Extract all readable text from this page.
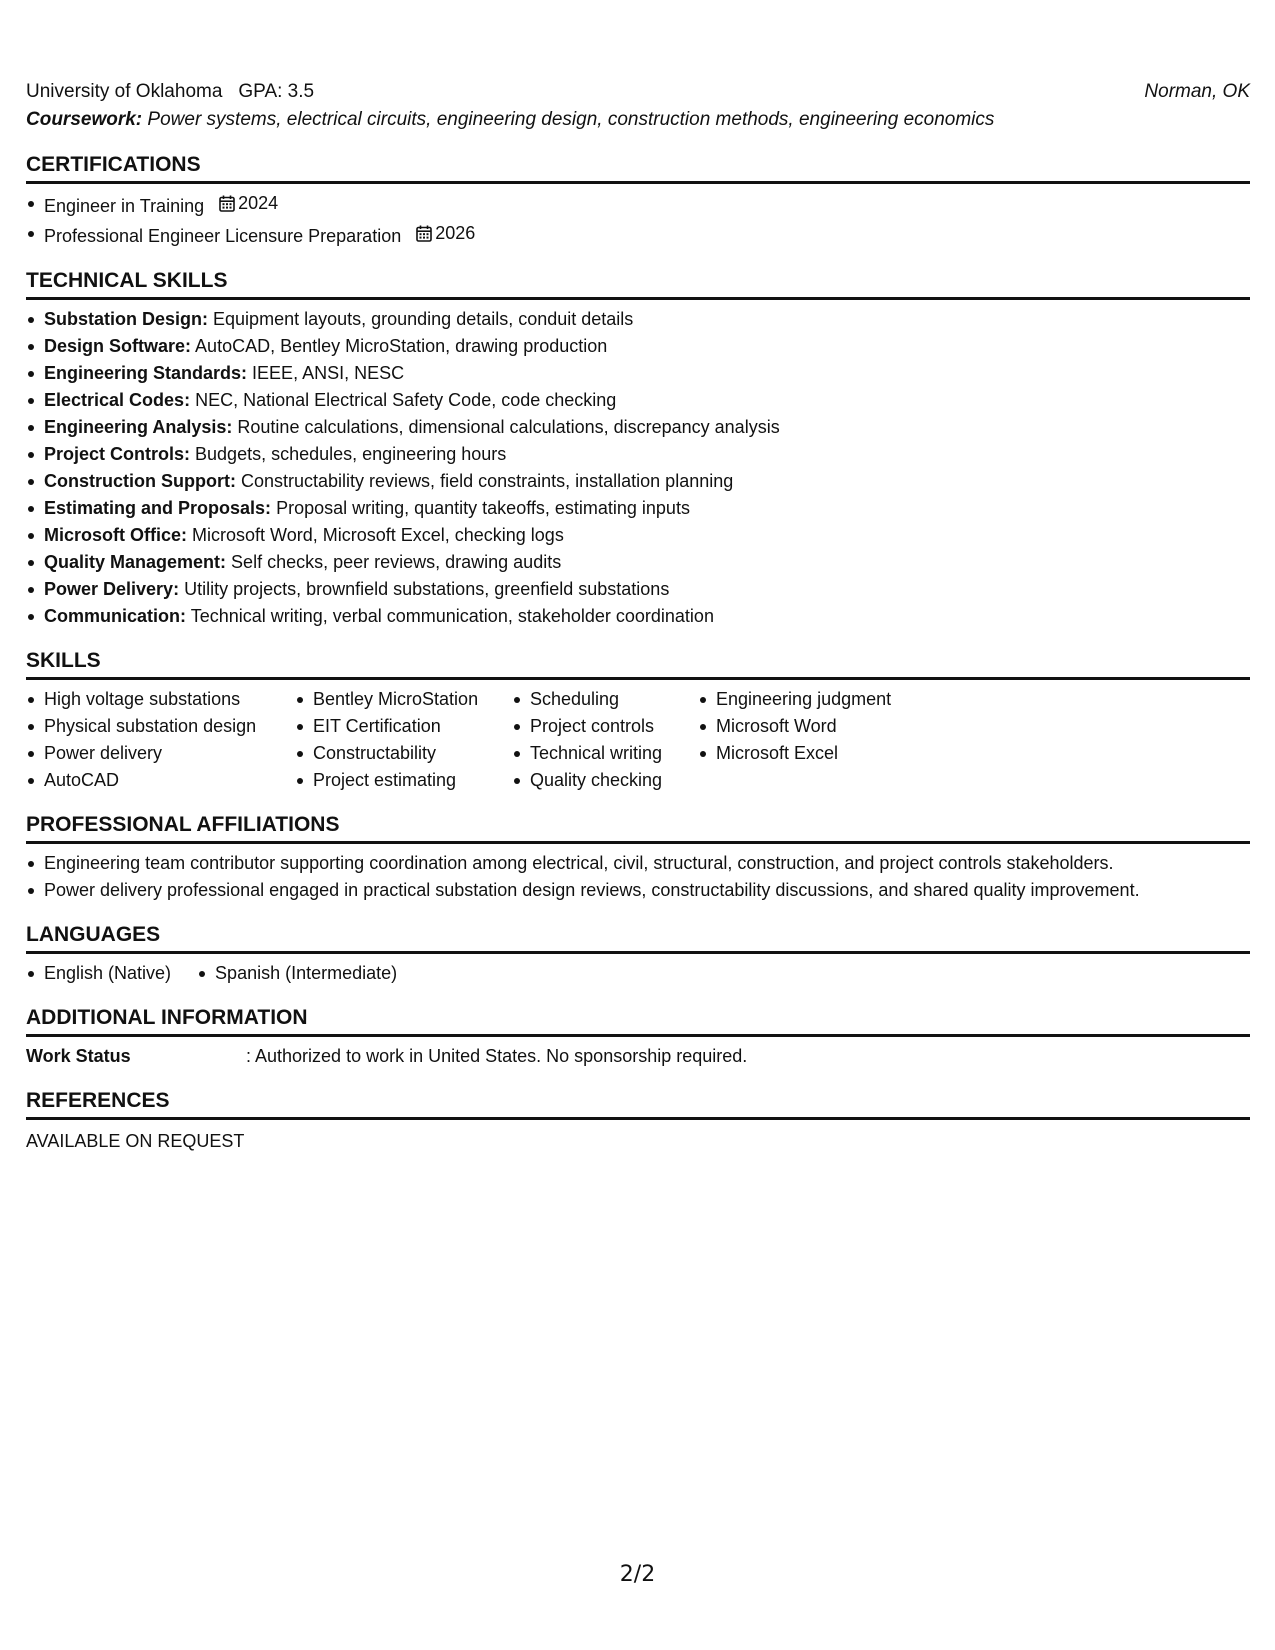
University of Oklahoma GPA: 3.5	Norman, OK
Coursework: Power systems, electrical circuits, engineering design, construction methods, engineering economics
CERTIFICATIONS
Engineer in Training 2024
Professional Engineer Licensure Preparation 2026
TECHNICAL SKILLS
Substation Design: Equipment layouts, grounding details, conduit details
Design Software: AutoCAD, Bentley MicroStation, drawing production
Engineering Standards: IEEE, ANSI, NESC
Electrical Codes: NEC, National Electrical Safety Code, code checking
Engineering Analysis: Routine calculations, dimensional calculations, discrepancy analysis
Project Controls: Budgets, schedules, engineering hours
Construction Support: Constructability reviews, field constraints, installation planning
Estimating and Proposals: Proposal writing, quantity takeoffs, estimating inputs
Microsoft Office: Microsoft Word, Microsoft Excel, checking logs
Quality Management: Self checks, peer reviews, drawing audits
Power Delivery: Utility projects, brownfield substations, greenfield substations
Communication: Technical writing, verbal communication, stakeholder coordination
SKILLS
High voltage substations
Physical substation design
Power delivery
AutoCAD
Bentley MicroStation
EIT Certification
Constructability
Project estimating
Scheduling
Project controls
Technical writing
Quality checking
Engineering judgment
Microsoft Word
Microsoft Excel
PROFESSIONAL AFFILIATIONS
Engineering team contributor supporting coordination among electrical, civil, structural, construction, and project controls stakeholders.
Power delivery professional engaged in practical substation design reviews, constructability discussions, and shared quality improvement.
LANGUAGES
English (Native) Spanish (Intermediate)
ADDITIONAL INFORMATION
Work Status	: Authorized to work in United States. No sponsorship required.
REFERENCES
AVAILABLE ON REQUEST
2/2
